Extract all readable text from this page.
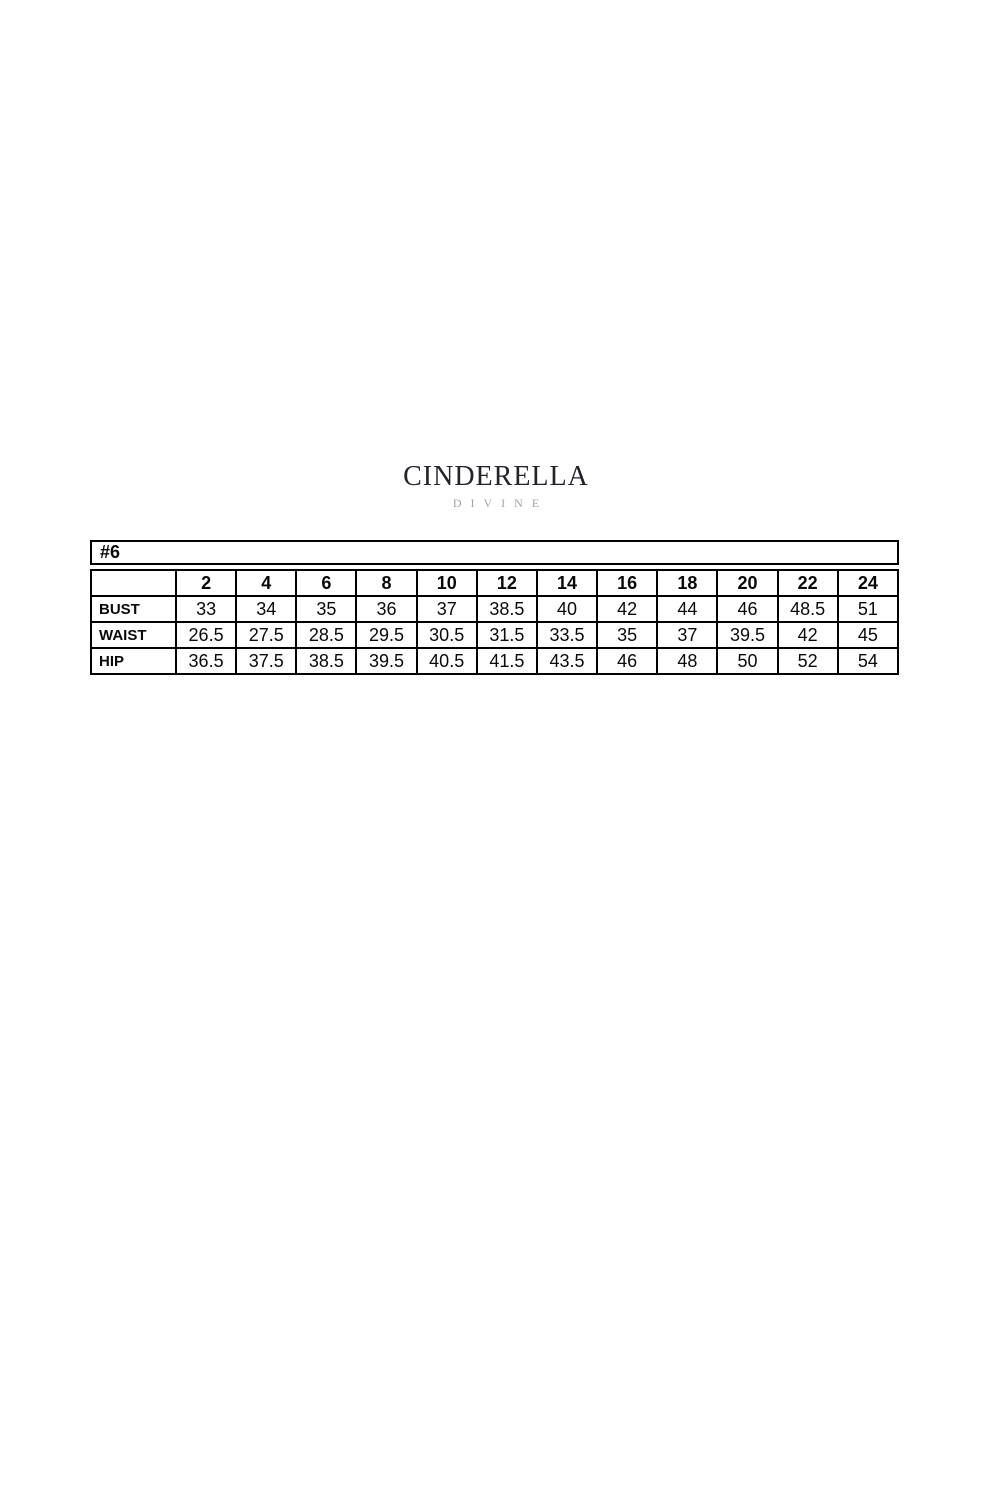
CINDERELLA
DIVINE
#6
	2	4	6	8	10	12	14	16	18	20	22	24
BUST	33	34	35	36	37	38.5	40	42	44	46	48.5	51
WAIST	26.5	27.5	28.5	29.5	30.5	31.5	33.5	35	37	39.5	42	45
HIP	36.5	37.5	38.5	39.5	40.5	41.5	43.5	46	48	50	52	54
